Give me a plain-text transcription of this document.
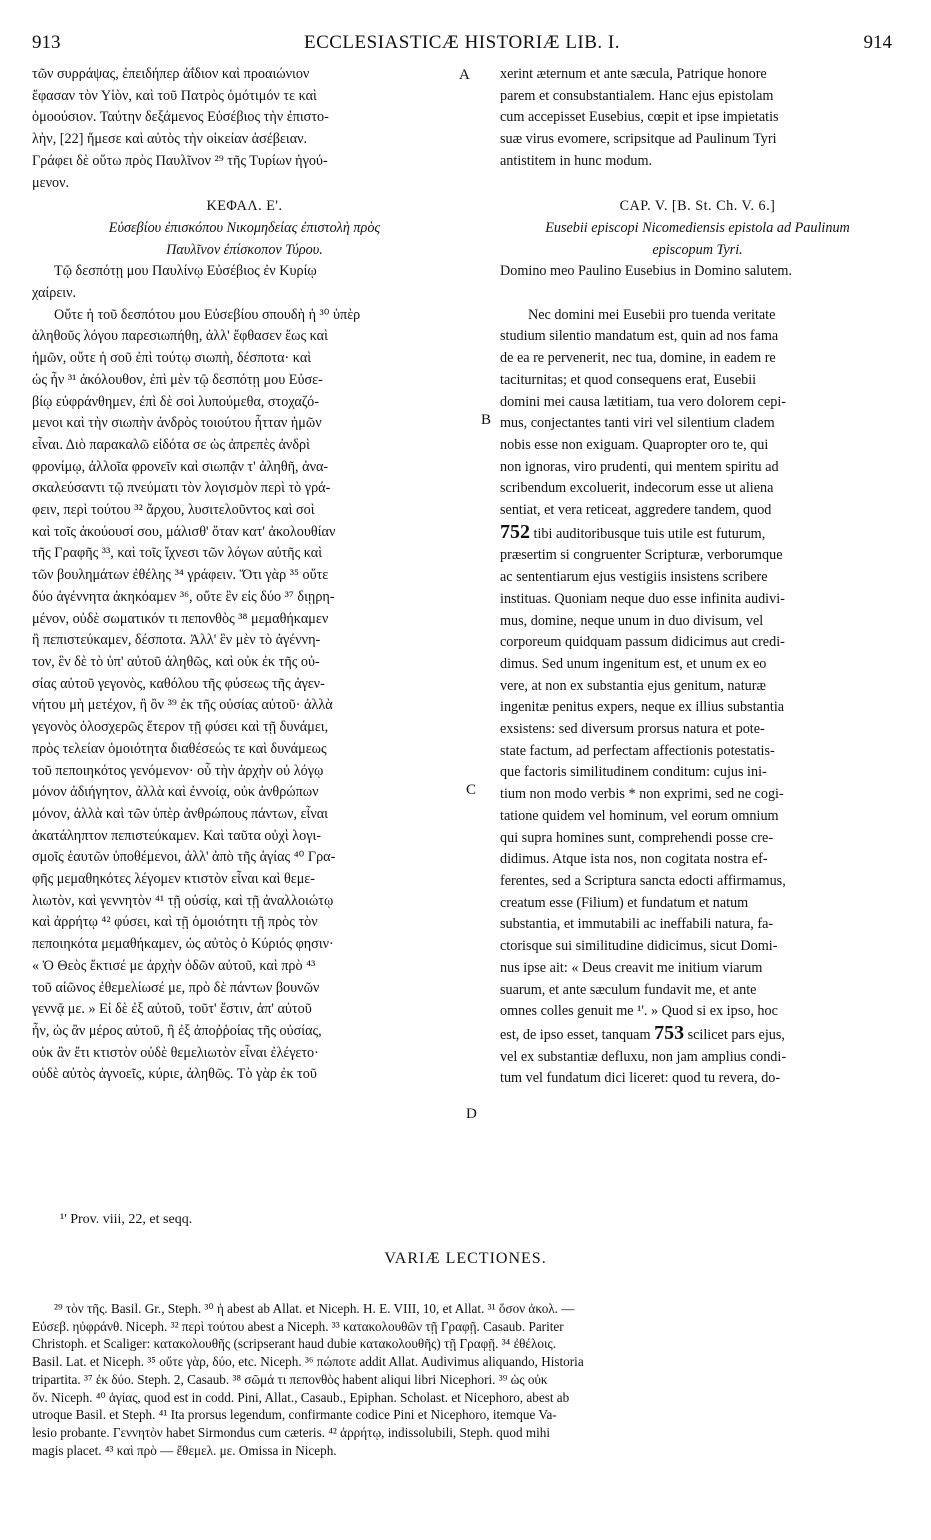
913	ECCLESIASTICÆ HISTORIÆ LIB. I.	914
τῶν συρράψας, ἐπειδήπερ ἀΐδιον καὶ προαιώνιον
ἔφασαν τὸν Υἱὸν, καὶ τοῦ Πατρὸς ὁμότιμόν τε καὶ
ὁμοούσιον. Ταύτην δεξάμενος Εὐσέβιος τὴν ἐπιστο-
λὴν, [22] ἤμεσε καὶ αὐτὸς τὴν οἰκείαν ἀσέβειαν.
Γράφει δὲ οὕτω πρὸς Παυλῖνον ²⁹ τῆς Τυρίων ἡγού-
μενον.
ΚΕΦΑΛ. Ε'.
Εὐσεβίου ἐπισκόπου Νικομηδείας ἐπιστολὴ πρὸς
Παυλῖνον ἐπίσκοπον Τύρου.
Τῷ δεσπότῃ μου Παυλίνῳ Εὐσέβιος ἐν Κυρίῳ
χαίρειν.
Οὔτε ἡ τοῦ δεσπότου μου Εὐσεβίου σπουδὴ ἡ ³⁰ ὑπὲρ
ἀληθοῦς λόγου παρεσιωπήθη, ἀλλ' ἔφθασεν ἕως καὶ
ἡμῶν, οὔτε ἡ σοῦ ἐπὶ τούτῳ σιωπὴ, δέσποτα· καὶ
ὡς ἦν ³¹ ἀκόλουθον, ἐπὶ μὲν τῷ δεσπότῃ μου Εὐσε-
βίῳ εὐφράνθημεν, ἐπὶ δὲ σοὶ λυπούμεθα, στοχαζό-
μενοι καὶ τὴν σιωπὴν ἀνδρὸς τοιούτου ἧτταν ἡμῶν
εἶναι. Διὸ παρακαλῶ εἰδότα σε ὡς ἀπρεπὲς ἀνδρὶ
φρονίμῳ, ἀλλοῖα φρονεῖν καὶ σιωπᾷν τ' ἀληθῆ, ἀνα-
σκαλεύσαντι τῷ πνεύματι τὸν λογισμὸν περὶ τὸ γρά-
φειν, περὶ τούτου ³² ἄρχου, λυσιτελοῦντος καὶ σοὶ
καὶ τοῖς ἀκούουσί σου, μάλισθ' ὅταν κατ' ἀκολουθίαν
τῆς Γραφῆς ³³, καὶ τοῖς ἴχνεσι τῶν λόγων αὐτῆς καὶ
τῶν βουλημάτων ἐθέλης ³⁴ γράφειν. Ὅτι γὰρ ³⁵ οὔτε
δύο ἀγέννητα ἀκηκόαμεν ³⁶, οὔτε ἓν εἰς δύο ³⁷ διῃρη-
μένον, οὐδὲ σωματικόν τι πεπονθὸς ³⁸ μεμαθήκαμεν
ἢ πεπιστεύκαμεν, δέσποτα. Ἀλλ' ἓν μὲν τὸ ἀγέννη-
τον, ἓν δὲ τὸ ὑπ' αὐτοῦ ἀληθῶς, καὶ οὐκ ἐκ τῆς οὐ-
σίας αὐτοῦ γεγονὸς, καθόλου τῆς φύσεως τῆς ἀγεν-
νήτου μὴ μετέχον, ἢ ὂν ³⁹ ἐκ τῆς οὐσίας αὐτοῦ· ἀλλὰ
γεγονὸς ὁλοσχερῶς ἕτερον τῇ φύσει καὶ τῇ δυνάμει,
πρὸς τελείαν ὁμοιότητα διαθέσεώς τε καὶ δυνάμεως
τοῦ πεποιηκότος γενόμενον· οὗ τὴν ἀρχὴν οὐ λόγῳ
μόνον ἀδιήγητον, ἀλλὰ καὶ ἐννοίᾳ, οὐκ ἀνθρώπων
μόνον, ἀλλὰ καὶ τῶν ὑπὲρ ἀνθρώπους πάντων, εἶναι
ἀκατάληπτον πεπιστεύκαμεν. Καὶ ταῦτα οὐχὶ λογι-
σμοῖς ἑαυτῶν ὑποθέμενοι, ἀλλ' ἀπὸ τῆς ἁγίας ⁴⁰ Γρα-
φῆς μεμαθηκότες λέγομεν κτιστὸν εἶναι καὶ θεμε-
λιωτὸν, καὶ γεννητὸν ⁴¹ τῇ οὐσίᾳ, καὶ τῇ ἀναλλοιώτῳ
καὶ ἀρρήτῳ ⁴² φύσει, καὶ τῇ ὁμοιότητι τῇ πρὸς τὸν
πεποιηκότα μεμαθήκαμεν, ὡς αὐτὸς ὁ Κύριός φησιν·
« Ὁ Θεὸς ἔκτισέ με ἀρχὴν ὁδῶν αὐτοῦ, καὶ πρὸ ⁴³
τοῦ αἰῶνος ἐθεμελίωσέ με, πρὸ δὲ πάντων βουνῶν
γεννᾷ με. » Εἰ δὲ ἐξ αὐτοῦ, τοῦτ' ἔστιν, ἀπ' αὐτοῦ
ἦν, ὡς ἂν μέρος αὐτοῦ, ἢ ἐξ ἀποῤῥοίας τῆς οὐσίας,
οὐκ ἂν ἔτι κτιστὸν οὐδὲ θεμελιωτὸν εἶναι ἐλέγετο·
οὐδὲ αὐτὸς ἀγνοεῖς, κύριε, ἀληθῶς. Τὸ γὰρ ἐκ τοῦ
xerint æternum et ante sæcula, Patrique honore
parem et consubstantialem. Hanc ejus epistolam
cum accepisset Eusebius, cœpit et ipse impietatis
suæ virus evomere, scripsitque ad Paulinum Tyri
antistitem in hunc modum.
CAP. V. [B. St. Ch. V. 6.]
Eusebii episcopi Nicomediensis epistola ad Paulinum
episcopum Tyri.
Domino meo Paulino Eusebius in Domino salutem.
Nec domini mei Eusebii pro tuenda veritate
studium silentio mandatum est, quin ad nos fama
de ea re pervenerit, nec tua, domine, in eadem re
taciturnitas; et quod consequens erat, Eusebii
domini mei causa lætitiam, tua vero dolorem cepi-
mus, conjectantes tanti viri vel silentium cladem
nobis esse non exiguam. Quapropter oro te, qui
non ignoras, viro prudenti, qui mentem spiritu ad
scribendum excoluerit, indecorum esse ut aliena
sentiat, et vera reticeat, aggredere tandem, quod
752 tibi auditoribusque tuis utile est futurum,
præsertim si congruenter Scripturæ, verborumque
ac sententiarum ejus vestigiis insistens scribere
instituas. Quoniam neque duo esse infinita audivi-
mus, domine, neque unum in duo divisum, vel
corporeum quidquam passum didicimus aut credi-
dimus. Sed unum ingenitum est, et unum ex eo
vere, at non ex substantia ejus genitum, naturæ
ingenitæ penitus expers, neque ex illius substantia
exsistens: sed diversum prorsus natura et pote-
state factum, ad perfectam affectionis potestatis-
que factoris similitudinem conditum: cujus ini-
tium non modo verbis * non exprimi, sed ne cogi-
tatione quidem vel hominum, vel eorum omnium
qui supra homines sunt, comprehendi posse cre-
didimus. Atque ista nos, non cogitata nostra ef-
ferentes, sed a Scriptura sancta edocti affirmamus,
creatum esse (Filium) et fundatum et natum
substantia, et immutabili ac ineffabili natura, fa-
ctorisque sui similitudine didicimus, sicut Domi-
nus ipse ait: « Deus creavit me initium viarum
suarum, et ante sæculum fundavit me, et ante
omnes colles genuit me ¹'. » Quod si ex ipso, hoc
est, de ipso esset, tanquam 753 scilicet pars ejus,
vel ex substantiæ defluxu, non jam amplius condi-
tum vel fundatum dici liceret: quod tu revera, do-
A
B
C
D
¹' Prov. viii, 22, et seqq.
VARIÆ LECTIONES.
²⁹ τὸν τῆς. Basil. Gr., Steph. ³⁰ ἡ abest ab Allat. et Niceph. H. E. VIII, 10, et Allat. ³¹ ὅσον ἀκολ. —
Εὐσεβ. ηὐφράνθ. Niceph. ³² περὶ τούτου abest a Niceph. ³³ κατακολουθῶν τῇ Γραφῇ. Casaub. Pariter
Christoph. et Scaliger: κατακολουθῆς (scripserant haud dubie κατακολουθῆς) τῇ Γραφῇ. ³⁴ ἐθέλοις.
Basil. Lat. et Niceph. ³⁵ οὔτε γὰρ, δύο, etc. Niceph. ³⁶ πώποτε addit Allat. Audivimus aliquando, Historia
tripartita. ³⁷ ἐκ δύο. Steph. 2, Casaub. ³⁸ σῶμά τι πεπονθὸς habent aliqui libri Nicephori. ³⁹ ὡς οὐκ
ὄν. Niceph. ⁴⁰ ἁγίας, quod est in codd. Pini, Allat., Casaub., Epiphan. Scholast. et Nicephoro, abest ab
utroque Basil. et Steph. ⁴¹ Ita prorsus legendum, confirmante codice Pini et Nicephoro, itemque Va-
lesio probante. Γεννητὸν habet Sirmondus cum cæteris. ⁴² ἀρρήτῳ, indissolubili, Steph. quod mihi
magis placet. ⁴³ καὶ πρὸ — ἔθεμελ. με. Omissa in Niceph.
